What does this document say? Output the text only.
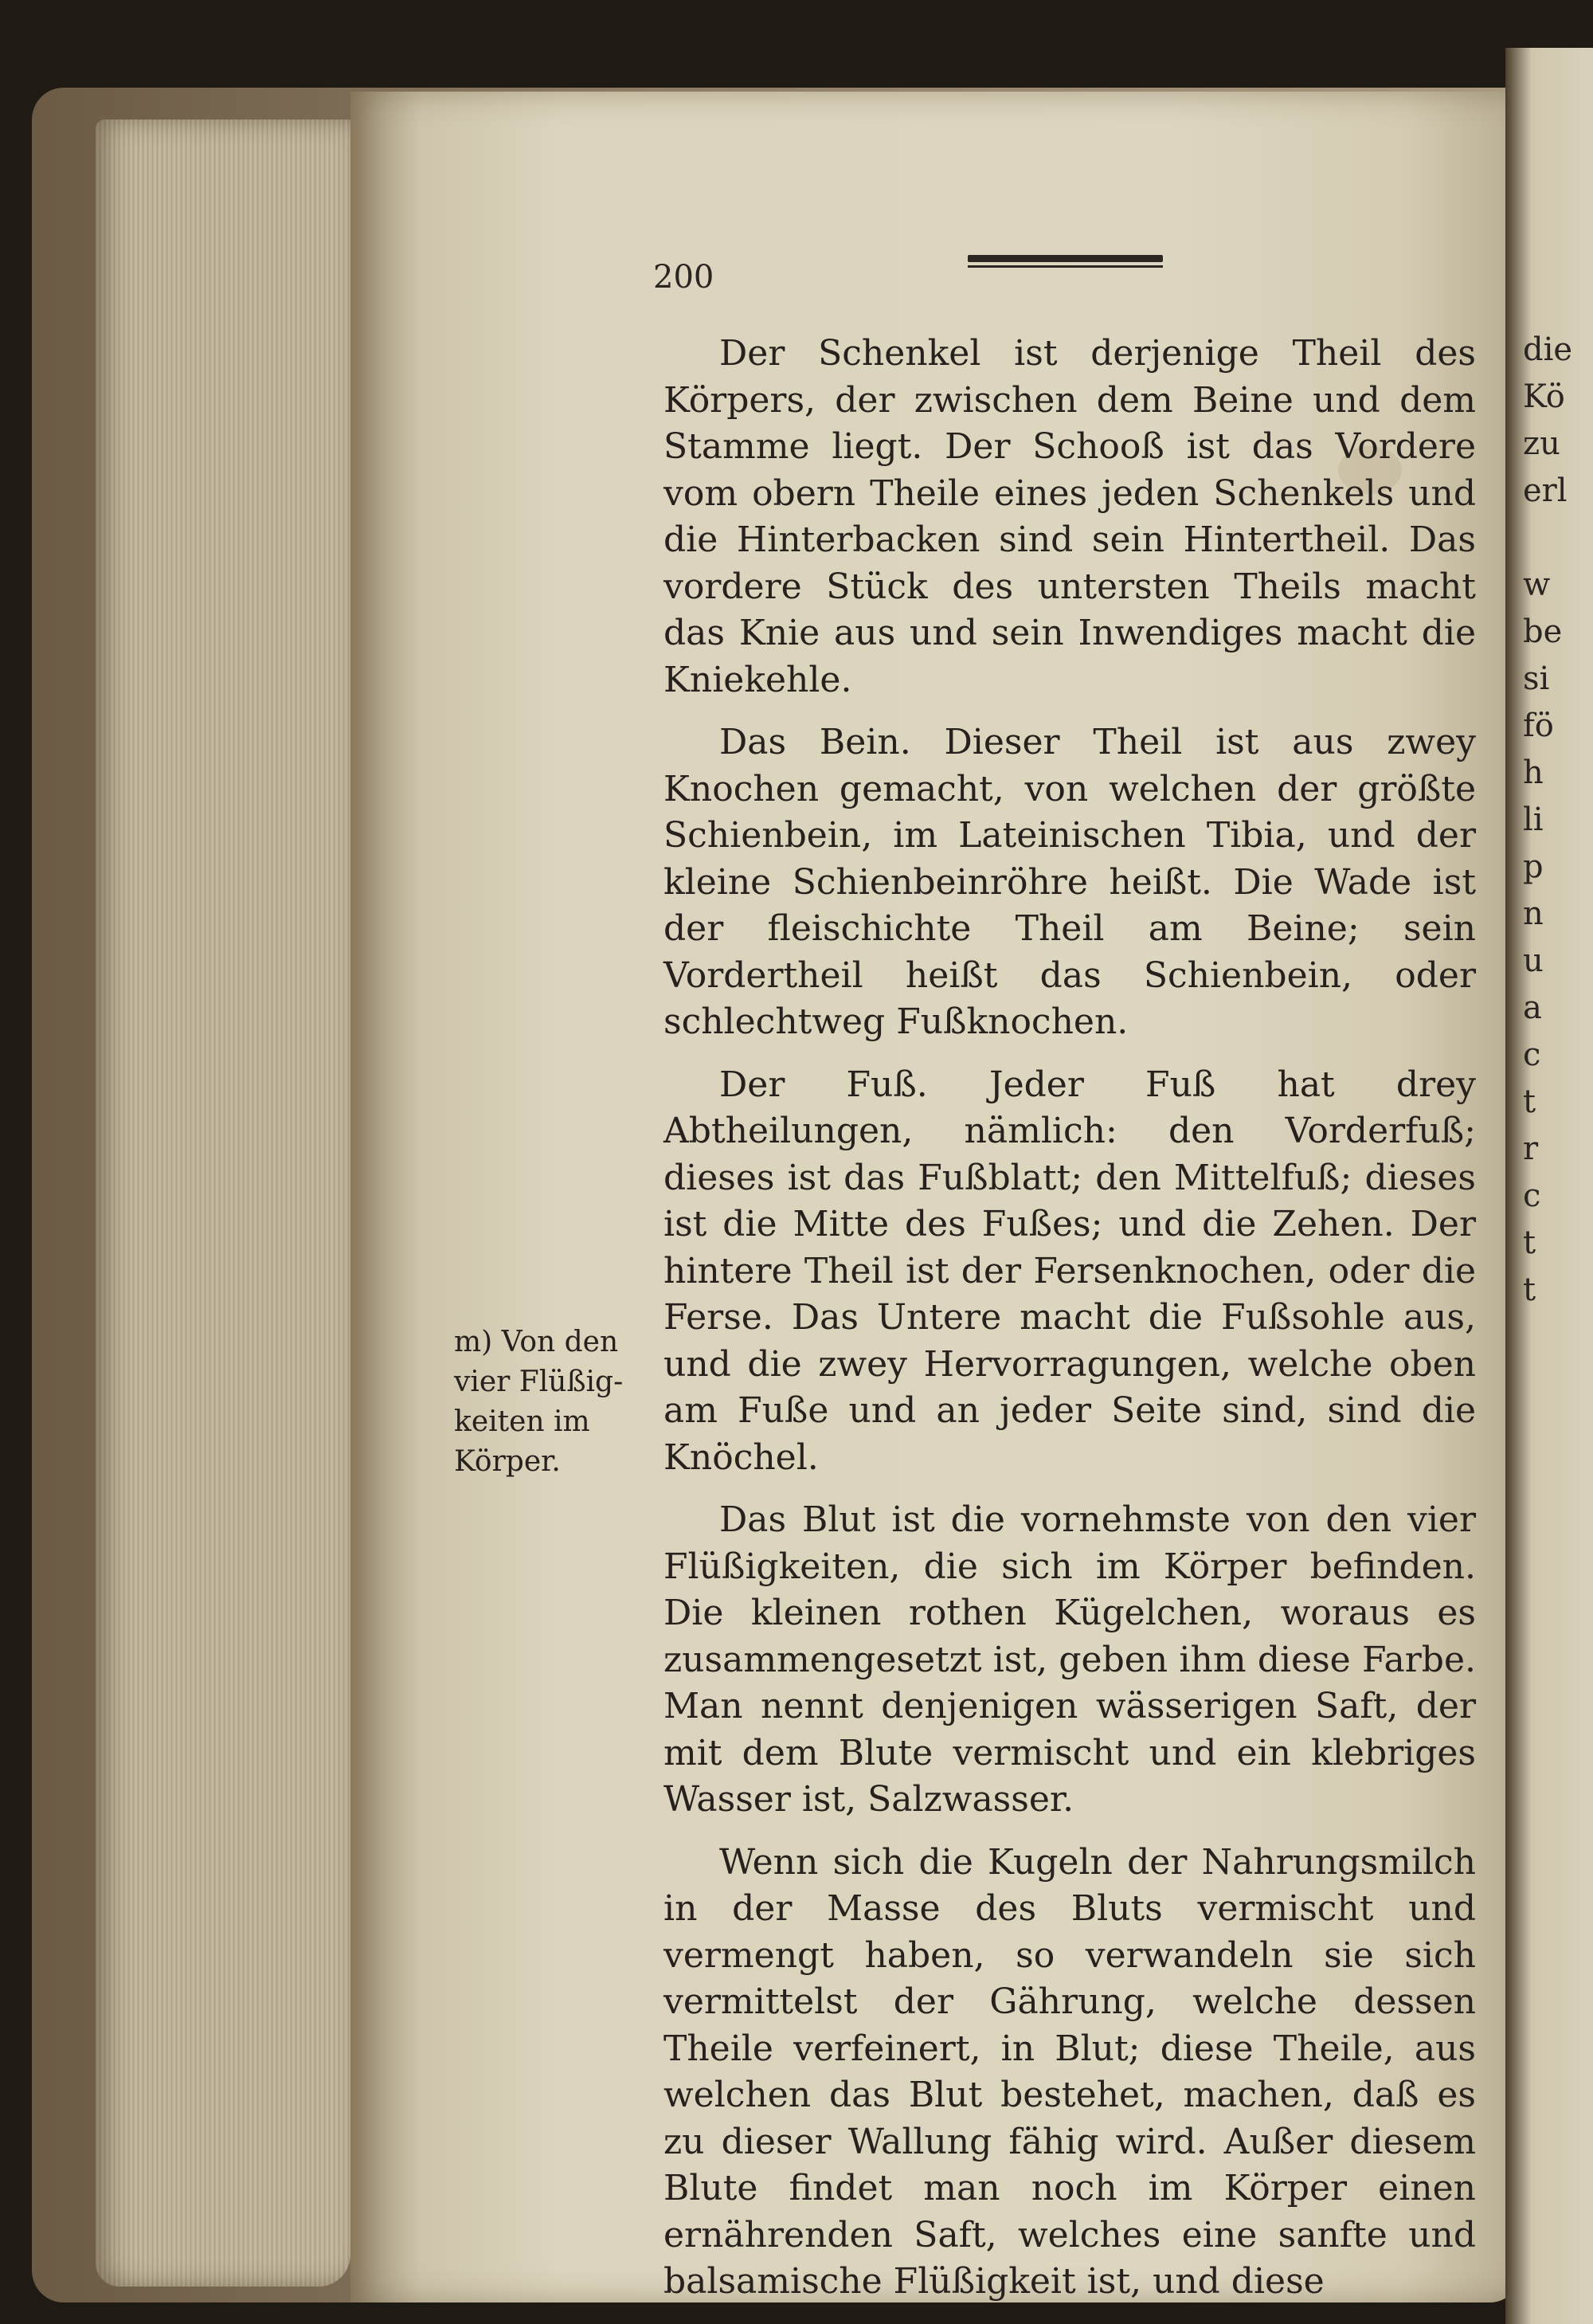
200

Der Schenkel ist derjenige Theil des Körpers, der zwischen dem Beine und dem Stamme liegt. Der Schooß ist das Vordere vom obern Theile eines jeden Schenkels und die Hinterbacken sind sein Hintertheil. Das vordere Stück des untersten Theils macht das Knie aus und sein Inwendiges macht die Kniekehle.

Das Bein. Dieser Theil ist aus zwey Knochen gemacht, von welchen der größte Schienbein, im Lateinischen Tibia, und der kleine Schienbeinröhre heißt. Die Wade ist der fleischichte Theil am Beine; sein Vordertheil heißt das Schienbein, oder schlechtweg Fußknochen.

Der Fuß. Jeder Fuß hat drey Abtheilungen, nämlich: den Vorderfuß; dieses ist das Fußblatt; den Mittelfuß; dieses ist die Mitte des Fußes; und die Zehen. Der hintere Theil ist der Fersenknochen, oder die Ferse. Das Untere macht die Fußsohle aus, und die zwey Hervorragungen, welche oben am Fuße und an jeder Seite sind, sind die Knöchel.

Das Blut ist die vornehmste von den vier Flüßigkeiten, die sich im Körper befinden. Die kleinen rothen Kügelchen, woraus es zusammengesetzt ist, geben ihm diese Farbe. Man nennt denjenigen wässerigen Saft, der mit dem Blute vermischt und ein klebriges Wasser ist, Salzwasser.

Wenn sich die Kugeln der Nahrungsmilch in der Masse des Bluts vermischt und vermengt haben, so verwandeln sie sich vermittelst der Gährung, welche dessen Theile verfeinert, in Blut; diese Theile, aus welchen das Blut bestehet, machen, daß es zu dieser Wallung fähig wird. Außer diesem Blute findet man noch im Körper einen ernährenden Saft, welches eine sanfte und balsamische Flüßigkeit ist, und diese

m) Von den
vier Flüßig-
keiten im
Körper.
die
Kö
zu
erl
w
be
si
fö
h
li
p
n
u
a
c
t
r
c
t
t
